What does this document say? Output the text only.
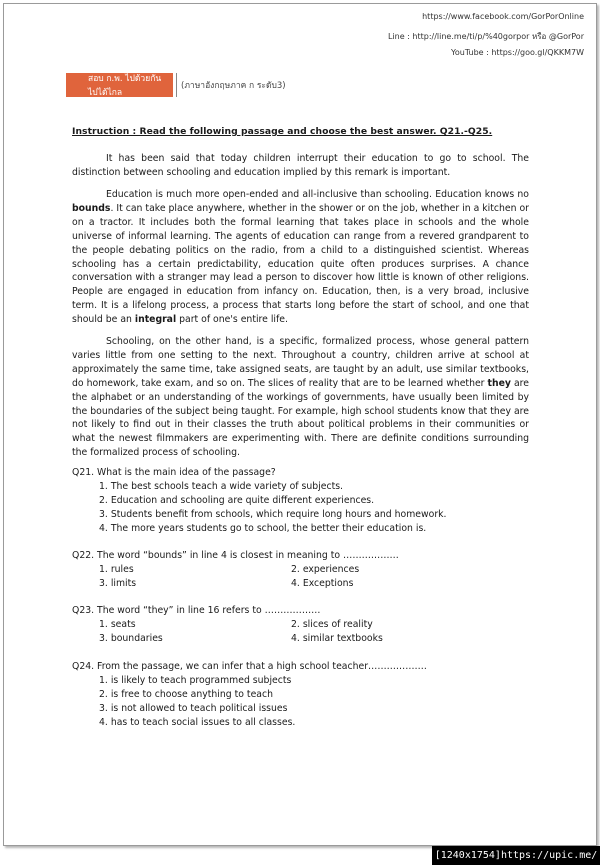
https://www.facebook.com/GorPorOnline
Line : http://line.me/ti/p/%40gorpor หรือ @GorPor
YouTube : https://goo.gl/QKKM7W
สอบ ก.พ. ไปด้วยกัน ไปได้ไกล
(ภาษาอังกฤษภาค ก ระดับ3)
Instruction : Read the following passage and choose the best answer. Q21.-Q25.

It has been said that today children interrupt their education to go to school. The distinction between schooling and education implied by this remark is important.

Education is much more open-ended and all-inclusive than schooling. Education knows no bounds. It can take place anywhere, whether in the shower or on the job, whether in a kitchen or on a tractor. It includes both the formal learning that takes place in schools and the whole universe of informal learning. The agents of education can range from a revered grandparent to the people debating politics on the radio, from a child to a distinguished scientist. Whereas schooling has a certain predictability, education quite often produces surprises. A chance conversation with a stranger may lead a person to discover how little is known of other religions. People are engaged in education from infancy on. Education, then, is a very broad, inclusive term. It is a lifelong process, a process that starts long before the start of school, and one that should be an integral part of one's entire life.

Schooling, on the other hand, is a specific, formalized process, whose general pattern varies little from one setting to the next. Throughout a country, children arrive at school at approximately the same time, take assigned seats, are taught by an adult, use similar textbooks, do homework, take exam, and so on. The slices of reality that are to be learned whether they are the alphabet or an understanding of the workings of governments, have usually been limited by the boundaries of the subject being taught. For example, high school students know that they are not likely to find out in their classes the truth about political problems in their communities or what the newest filmmakers are experimenting with. There are definite conditions surrounding the formalized process of schooling.

Q21. What is the main idea of the passage?
1. The best schools teach a wide variety of subjects.
2. Education and schooling are quite different experiences.
3. Students benefit from schools, which require long hours and homework.
4. The more years students go to school, the better their education is.
Q22. The word “bounds” in line 4 is closest in meaning to ………………
1. rules	2. experiences
3. limits	4. Exceptions
Q23. The word “they” in line 16 refers to ………………
1. seats	2. slices of reality
3. boundaries	4. similar textbooks
Q24. From the passage, we can infer that a high school teacher……………….
1. is likely to teach programmed subjects
2. is free to choose anything to teach
3. is not allowed to teach political issues
4. has to teach social issues to all classes.
[1240x1754]https://upic.me/
